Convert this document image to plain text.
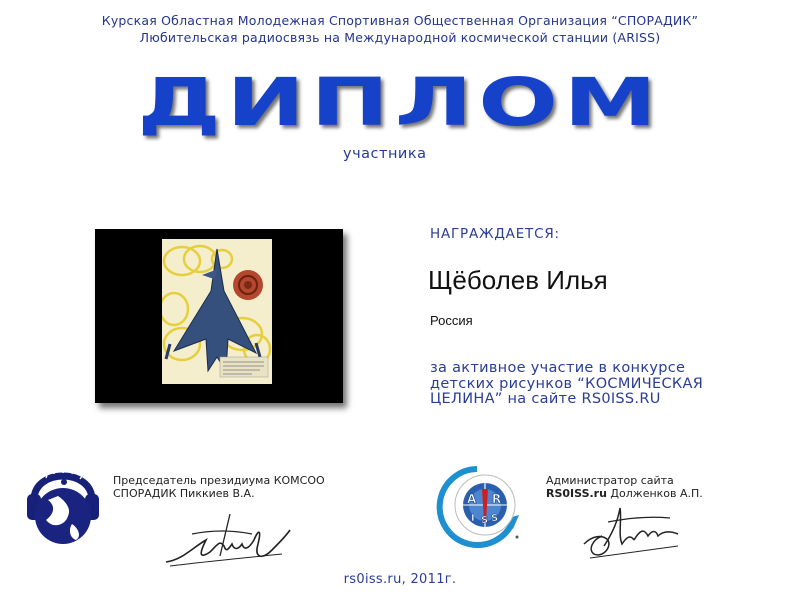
Курская Областная Молодежная Спортивная Общественная Организация “СПОРАДИК”
Любительская радиосвязь на Международной космической станции (ARISS)
ДИПЛОМ
участника
НАГРАЖДАЕТСЯ:
Щёболев Илья
Россия
за активное участие в конкурсе
детских рисунков “КОСМИЧЕСКАЯ
ЦЕЛИНА” на сайте RS0ISS.RU
Председатель президиума КОМСОО
СПОРАДИК Пиккиев В.А.	A R
I S S
Администратор сайта
RS0ISS.ru Долженков А.П.
rs0iss.ru, 2011г.
